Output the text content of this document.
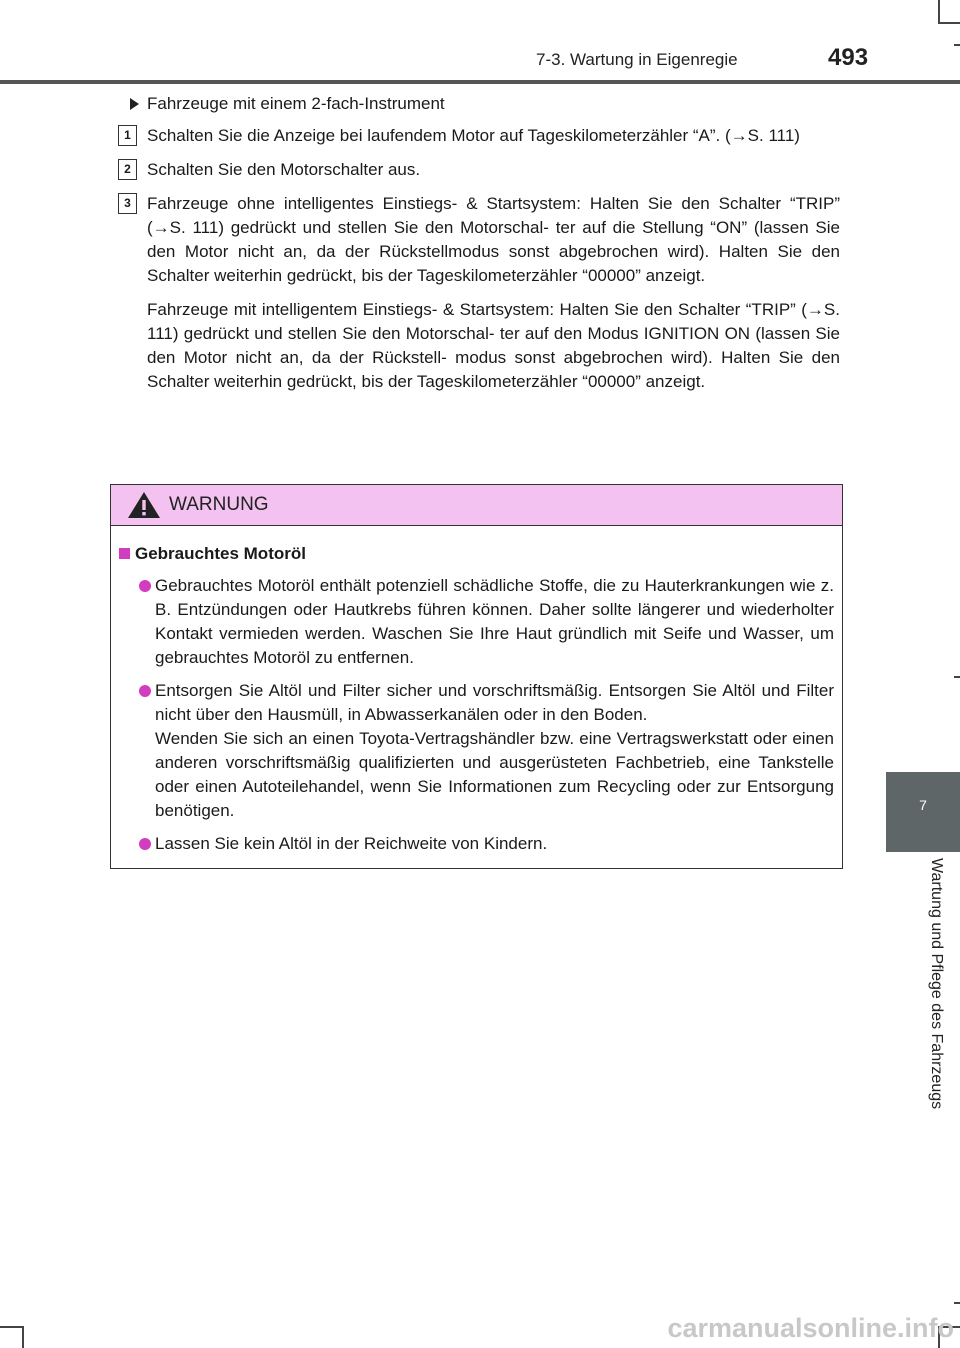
7-3. Wartung in Eigenregie	493
7
Wartung und Pflege des Fahrzeugs
Fahrzeuge mit einem 2-fach-Instrument
1 Schalten Sie die Anzeige bei laufendem Motor auf Tageskilometerzähler “A”. (→S. 111)

2 Schalten Sie den Motorschalter aus.

3 Fahrzeuge ohne intelligentes Einstiegs- & Startsystem: Halten Sie den Schalter “TRIP” (→S. 111) gedrückt und stellen Sie den Motorschal- ter auf die Stellung “ON” (lassen Sie den Motor nicht an, da der Rückstellmodus sonst abgebrochen wird). Halten Sie den Schalter weiterhin gedrückt, bis der Tageskilometerzähler “00000” anzeigt.

Fahrzeuge mit intelligentem Einstiegs- & Startsystem: Halten Sie den Schalter “TRIP” (→S. 111) gedrückt und stellen Sie den Motorschal- ter auf den Modus IGNITION ON (lassen Sie den Motor nicht an, da der Rückstell- modus sonst abgebrochen wird). Halten Sie den Schalter weiterhin gedrückt, bis der Tageskilometerzähler “00000” anzeigt.

WARNUNG
Gebrauchtes Motoröl
Gebrauchtes Motoröl enthält potenziell schädliche Stoffe, die zu Hauterkrankungen wie z. B. Entzündungen oder Hautkrebs führen können. Daher sollte längerer und wiederholter Kontakt vermieden werden. Waschen Sie Ihre Haut gründlich mit Seife und Wasser, um gebrauchtes Motoröl zu entfernen.
Entsorgen Sie Altöl und Filter sicher und vorschriftsmäßig. Entsorgen Sie Altöl und Filter nicht über den Hausmüll, in Abwasserkanälen oder in den Boden.
Wenden Sie sich an einen Toyota-Vertragshändler bzw. eine Vertragswerkstatt oder einen anderen vorschriftsmäßig qualifizierten und ausgerüsteten Fachbetrieb, eine Tankstelle oder einen Autoteilehandel, wenn Sie Informationen zum Recycling oder zur Entsorgung benötigen.
Lassen Sie kein Altöl in der Reichweite von Kindern.
carmanualsonline.info
